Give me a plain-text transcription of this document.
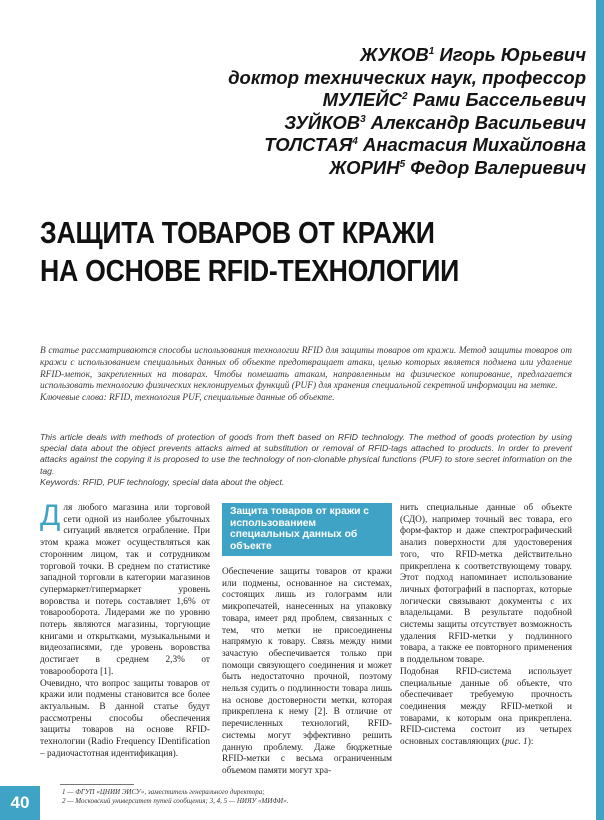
ЖУКОВ$^1$ Игорь Юрьевич
доктор технических наук, профессор
МУЛЕЙС$^2$ Рами Бассельевич
ЗУЙКОВ$^3$ Александр Васильевич
ТОЛСТАЯ$^4$ Анастасия Михайловна
ЖОРИН$^5$ Федор Валериевич
ЗАЩИТА ТОВАРОВ ОТ КРАЖИ
НА ОСНОВЕ RFID-ТЕХНОЛОГИИ
В статье рассматриваются способы использования технологии RFID для защиты товаров от кражи. Метод защиты товаров от кражи с использованием специальных данных об объекте предотвращает атаки, целью которых является подмена или удаление RFID-меток, закрепленных на товарах. Чтобы помешать атакам, направленным на физическое копирование, предлагается использовать технологию физических неклонируемых функций (PUF) для хранения специальной секретной информации на метке.
Ключевые слова: RFID, технология PUF, специальные данные об объекте.
This article deals with methods of protection of goods from theft based on RFID technology. The method of goods protection by using special data about the object prevents attacks aimed at substitution or removal of RFID-tags attached to products. In order to prevent attacks against the copying it is proposed to use the technology of non-clonable physical functions (PUF) to store secret information on the tag.
Keywords: RFID, PUF technology, special data about the object.

Для любого магазина или торговой сети одной из наиболее убыточных ситуаций является ограбление. При этом кража может осуществляться как сторонним лицом, так и сотрудником торговой точки. В среднем по статистике западной торговли в категории магазинов супермаркет/гипермаркет уровень воровства и потерь составляет 1,6% от товарооборота. Лидерами же по уровню потерь являются магазины, торгующие книгами и открытками, музыкальными и видеозаписями, где уровень воровства достигает в среднем 2,3% от товарооборота [1].

Очевидно, что вопрос защиты товаров от кражи или подмены становится все более актуальным. В данной статье будут рассмотрены способы обеспечения защиты товаров на основе RFID-технологии (Radio Frequency IDentification – радиочастотная идентификация).

Защита товаров от кражи с использованием специальных данных об объекте

Обеспечение защиты товаров от кражи или подмены, основанное на системах, состоящих лишь из голограмм или микропечатей, нанесенных на упаковку товара, имеет ряд проблем, связанных с тем, что метки не присоединены напрямую к товару. Связь между ними зачастую обеспечивается только при помощи связующего соединения и может быть недостаточно прочной, поэтому нельзя судить о подлинности товара лишь на основе достоверности метки, которая прикреплена к нему [2]. В отличие от перечисленных технологий, RFID-системы могут эффективно решить данную проблему. Даже бюджетные RFID-метки с весьма ограниченным объемом памяти могут хра-

нить специальные данные об объекте (СДО), например точный вес товара, его форм-фактор и даже спектрографический анализ поверхности для удостоверения того, что RFID-метка действительно прикреплена к соответствующему товару. Этот подход напоминает использование личных фотографий в паспортах, которые логически связывают документы с их владельцами. В результате подобной системы защиты отсутствует возможность удаления RFID-метки у подлинного товара, а также ее повторного применения в поддельном товаре.

Подобная RFID-система использует специальные данные об объекте, что обеспечивает требуемую прочность соединения между RFID-меткой и товарами, к которым она прикреплена. RFID-система состоит из четырех основных составляющих (рис. 1):

1 — ФГУП «ЦНИИ ЭИСУ», заместитель генерального директора;
2 — Московский университет путей сообщения; 3, 4, 5 — НИЯУ «МИФИ».
40
